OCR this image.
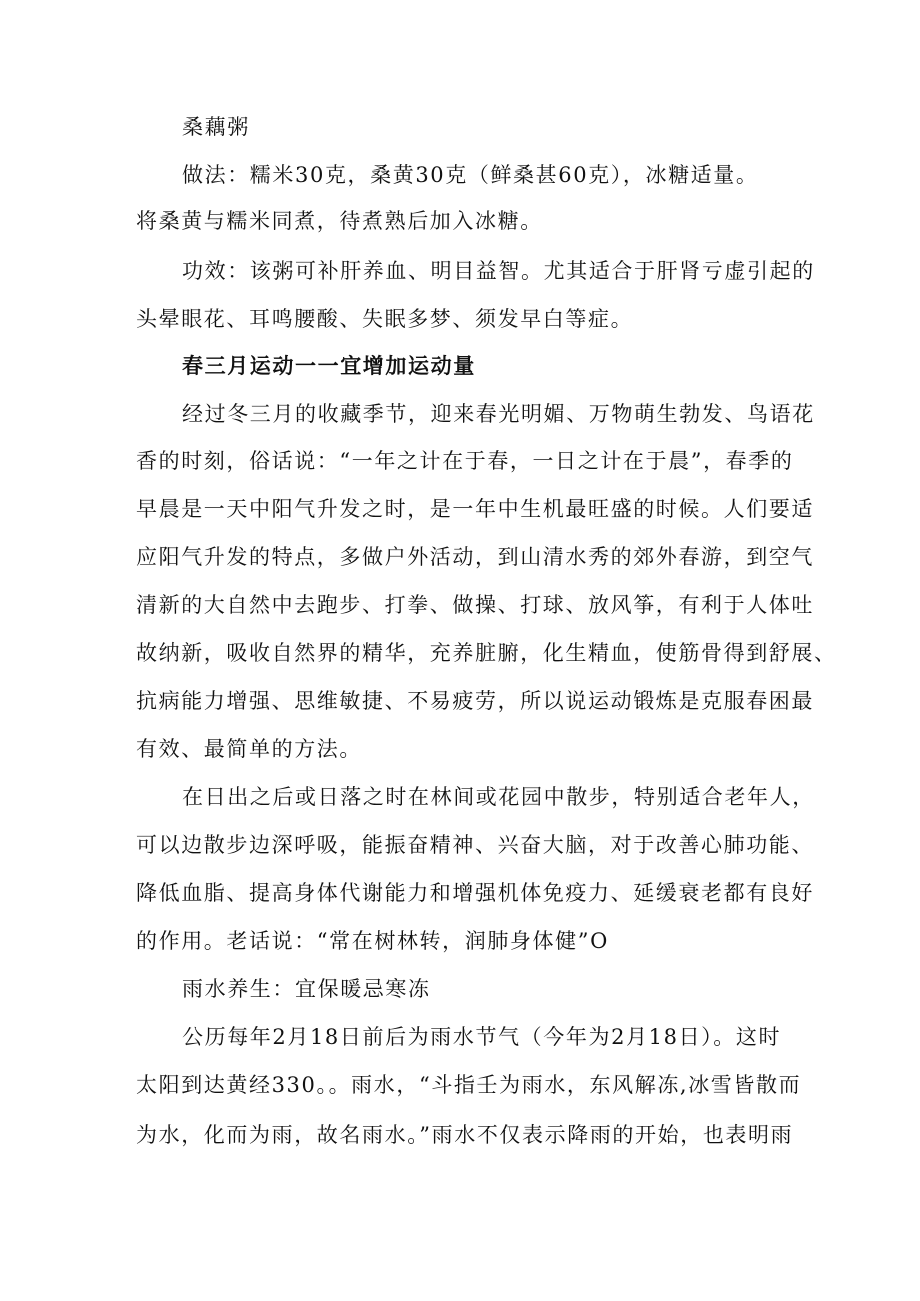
桑藕粥
做法：糯米30克，桑黄30克（鲜桑甚60克），冰糖适量。
将桑黄与糯米同煮，待煮熟后加入冰糖。
功效：该粥可补肝养血、明目益智。尤其适合于肝肾亏虚引起的
头晕眼花、耳鸣腰酸、失眠多梦、须发早白等症。
春三月运动一一宜增加运动量
经过冬三月的收藏季节，迎来春光明媚、万物萌生勃发、鸟语花
香的时刻，俗话说：“一年之计在于春，一日之计在于晨”，春季的
早晨是一天中阳气升发之时，是一年中生机最旺盛的时候。人们要适
应阳气升发的特点，多做户外活动，到山清水秀的郊外春游，到空气
清新的大自然中去跑步、打拳、做操、打球、放风筝，有利于人体吐
故纳新，吸收自然界的精华，充养脏腑，化生精血，使筋骨得到舒展、
抗病能力增强、思维敏捷、不易疲劳，所以说运动锻炼是克服春困最
有效、最简单的方法。
在日出之后或日落之时在林间或花园中散步，特别适合老年人，
可以边散步边深呼吸，能振奋精神、兴奋大脑，对于改善心肺功能、
降低血脂、提高身体代谢能力和增强机体免疫力、延缓衰老都有良好
的作用。老话说：“常在树林转，润肺身体健”O
雨水养生：宜保暖忌寒冻
公历每年2月18日前后为雨水节气（今年为2月18日）。这时
太阳到达黄经330。。雨水，“斗指壬为雨水，东风解冻,冰雪皆散而
为水，化而为雨，故名雨水。”雨水不仅表示降雨的开始，也表明雨
